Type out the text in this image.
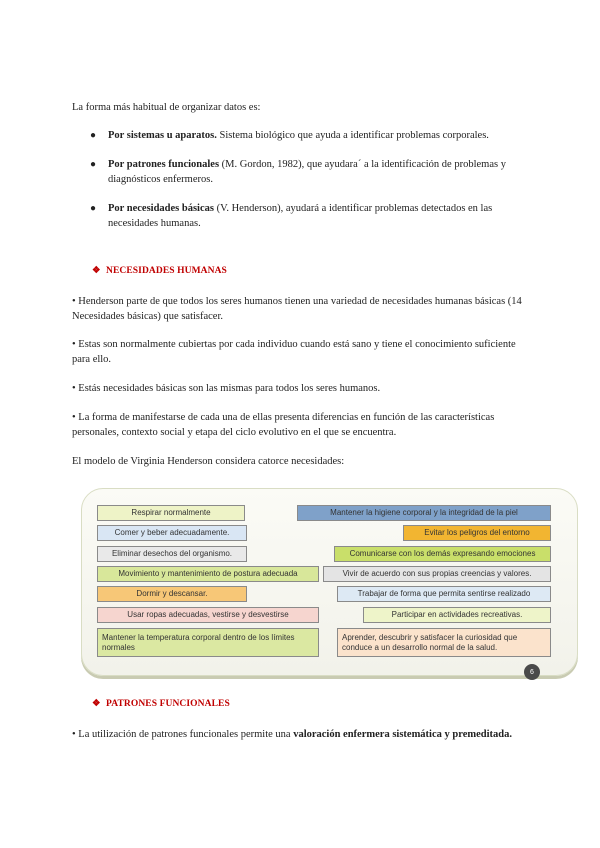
La forma más habitual de organizar datos es:
● Por sistemas u aparatos. Sistema biológico que ayuda a identificar problemas corporales.
● Por patrones funcionales (M. Gordon, 1982), que ayudara´ a la identificación de problemas y diagnósticos enfermeros.
● Por necesidades básicas (V. Henderson), ayudará a identificar problemas detectados en las necesidades humanas.
❖ NECESIDADES HUMANAS
• Henderson parte de que todos los seres humanos tienen una variedad de necesidades humanas básicas (14 Necesidades básicas) que satisfacer.
• Estas son normalmente cubiertas por cada individuo cuando está sano y tiene el conocimiento suficiente para ello.
• Estás necesidades básicas son las mismas para todos los seres humanos.
• La forma de manifestarse de cada una de ellas presenta diferencias en función de las características personales, contexto social y etapa del ciclo evolutivo en el que se encuentra.
El modelo de Virginia Henderson considera catorce necesidades:
Respirar normalmente
Comer y beber adecuadamente.
Eliminar desechos del organismo.
Movimiento y mantenimiento de postura adecuada
Dormir y descansar.
Usar ropas adecuadas, vestirse y desvestirse
Mantener la temperatura corporal dentro de los límites normales
Mantener la higiene corporal y la integridad de la piel
Evitar los peligros del entorno
Comunicarse con los demás expresando emociones
Vivir de acuerdo con sus propias creencias y valores.
Trabajar de forma que permita sentirse realizado
Participar en actividades recreativas.
Aprender, descubrir y satisfacer la curiosidad que conduce a un desarrollo normal de la salud.
6
❖ PATRONES FUNCIONALES
• La utilización de patrones funcionales permite una valoración enfermera sistemática y premeditada.
